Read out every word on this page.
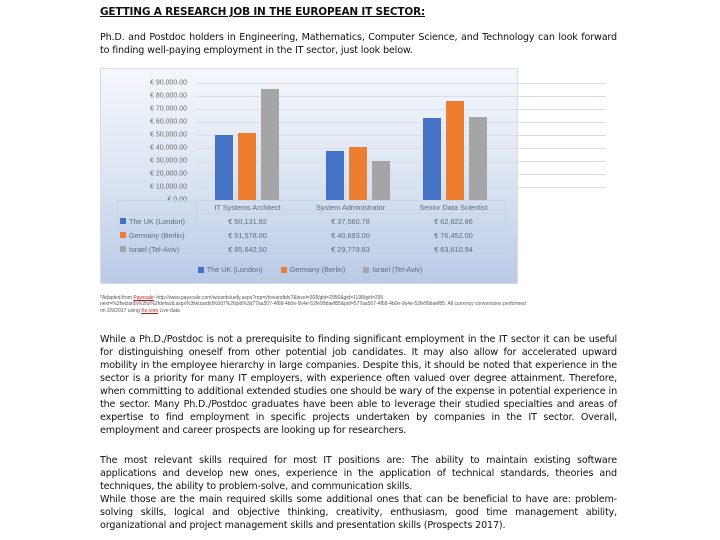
GETTING A RESEARCH JOB IN THE EUROPEAN IT SECTOR:
Ph.D. and Postdoc holders in Engineering, Mathematics, Computer Science, and Technology can look forward to finding well-paying employment in the IT sector, just look below.
€ 90,000.00
€ 80,000.00
€ 70,000.00
€ 60,000.00
€ 50,000.00
€ 40,000.00
€ 30,000.00
€ 20,000.00
€ 10,000.00
€ 0.00
IT Systems Architect	System Administrator	Senior Data Scientist
The UK (London)	€ 50,131.92	€ 37,560.78	€ 62,822.86
Germany (Berlin)	€ 51,578.00	€ 40,693.00	€ 76,452.00
Israel (Tel-Aviv)	€ 85,642.50	€ 29,779.83	€ 63,610.94
The UK (London)
	Germany (Berlin)
	Israel (Tel-Aviv)
*Adapted from Payscale: http://www.payscale.com/wizards/uefy.aspx?rnp=yfoviandtdx?&level=308/gid=2956&gid=1198/gid=295
next=%2fwizards%2fui%2fdefault.aspx%3fwizardid%3d7%26pid%3d77aa507-4f68-4b0e-9c4e-52fe99baef85&pid=577aa507-4f68-4b0e-9c4e-52fe99baef85. All currency conversions performed
on 2/9/2017 using Xe.com Live data
While a Ph.D./Postdoc is not a prerequisite to finding significant employment in the IT sector it can be useful for distinguishing oneself from other potential job candidates. It may also allow for accelerated upward mobility in the employee hierarchy in large companies. Despite this, it should be noted that experience in the sector is a priority for many IT employers, with experience often valued over degree attainment. Therefore, when committing to additional extended studies one should be wary of the expense in potential experience in the sector. Many Ph.D./Postdoc graduates have been able to leverage their studied specialties and areas of expertise to find employment in specific projects undertaken by companies in the IT sector. Overall, employment and career prospects are looking up for researchers.
The most relevant skills required for most IT positions are: The ability to maintain existing software applications and develop new ones, experience in the application of technical standards, theories and techniques, the ability to problem-solve, and communication skills.
While those are the main required skills some additional ones that can be beneficial to have are: problem-solving skills, logical and objective thinking, creativity, enthusiasm, good time management ability, organizational and project management skills and presentation skills (Prospects 2017).
